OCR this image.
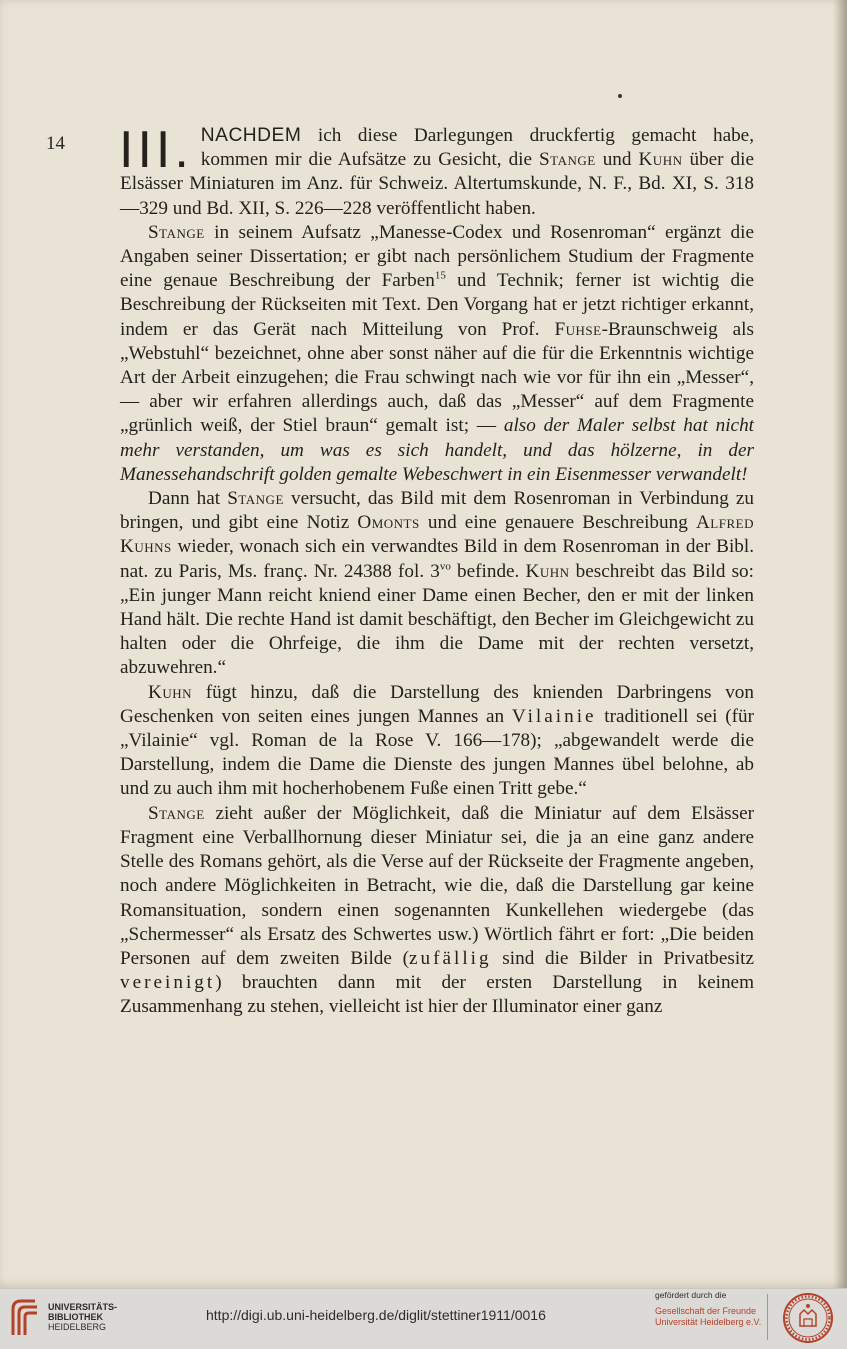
14 III. NACHDEM ich diese Darlegungen druckfertig gemacht habe, kommen mir die Aufsätze zu Gesicht, die Stange und Kuhn über die Elsässer Miniaturen im Anz. für Schweiz. Altertumskunde, N. F., Bd. XI, S. 318—329 und Bd. XII, S. 226—228 veröffentlicht haben.

Stange in seinem Aufsatz „Manesse-Codex und Rosenroman“ ergänzt die Angaben seiner Dissertation; er gibt nach persönlichem Studium der Fragmente eine genaue Beschreibung der Farben$^{15}$ und Technik; ferner ist wichtig die Beschreibung der Rückseiten mit Text. Den Vorgang hat er jetzt richtiger erkannt, indem er das Gerät nach Mitteilung von Prof. Fuhse-Braunschweig als „Webstuhl“ bezeichnet, ohne aber sonst näher auf die für die Erkenntnis wichtige Art der Arbeit einzugehen; die Frau schwingt nach wie vor für ihn ein „Messer“, — aber wir erfahren allerdings auch, daß das „Messer“ auf dem Fragmente „grünlich weiß, der Stiel braun“ gemalt ist; — also der Maler selbst hat nicht mehr verstanden, um was es sich handelt, und das hölzerne, in der Manessehandschrift golden gemalte Webeschwert in ein Eisenmesser verwandelt!

Dann hat Stange versucht, das Bild mit dem Rosenroman in Verbindung zu bringen, und gibt eine Notiz Omonts und eine genauere Beschreibung Alfred Kuhns wieder, wonach sich ein verwandtes Bild in dem Rosenroman in der Bibl. nat. zu Paris, Ms. franç. Nr. 24388 fol. $3^{vo}$ befinde. Kuhn beschreibt das Bild so: „Ein junger Mann reicht kniend einer Dame einen Becher, den er mit der linken Hand hält. Die rechte Hand ist damit beschäftigt, den Becher im Gleichgewicht zu halten oder die Ohrfeige, die ihm die Dame mit der rechten versetzt, abzuwehren.“

Kuhn fügt hinzu, daß die Darstellung des knienden Darbringens von Geschenken von seiten eines jungen Mannes an Vilainie traditionell sei (für „Vilainie“ vgl. Roman de la Rose V. 166—178); „abgewandelt werde die Darstellung, indem die Dame die Dienste des jungen Mannes übel belohne, ab und zu auch ihm mit hocherhobenem Fuße einen Tritt gebe.“

Stange zieht außer der Möglichkeit, daß die Miniatur auf dem Elsässer Fragment eine Verballhornung dieser Miniatur sei, die ja an eine ganz andere Stelle des Romans gehört, als die Verse auf der Rückseite der Fragmente angeben, noch andere Möglichkeiten in Betracht, wie die, daß die Darstellung gar keine Romansituation, sondern einen sogenannten Kunkellehen wiedergebe (das „Schermesser“ als Ersatz des Schwertes usw.) Wörtlich fährt er fort: „Die beiden Personen auf dem zweiten Bilde (zufällig sind die Bilder in Privatbesitz vereinigt) brauchten dann mit der ersten Darstellung in keinem Zusammenhang zu stehen, vielleicht ist hier der Illuminator einer ganz

UNIVERSITÄTS-
BIBLIOTHEK
HEIDELBERG
http://digi.ub.uni-heidelberg.de/diglit/stettiner1911/0016
gefördert durch die
Gesellschaft der Freunde
Universität Heidelberg e.V.
